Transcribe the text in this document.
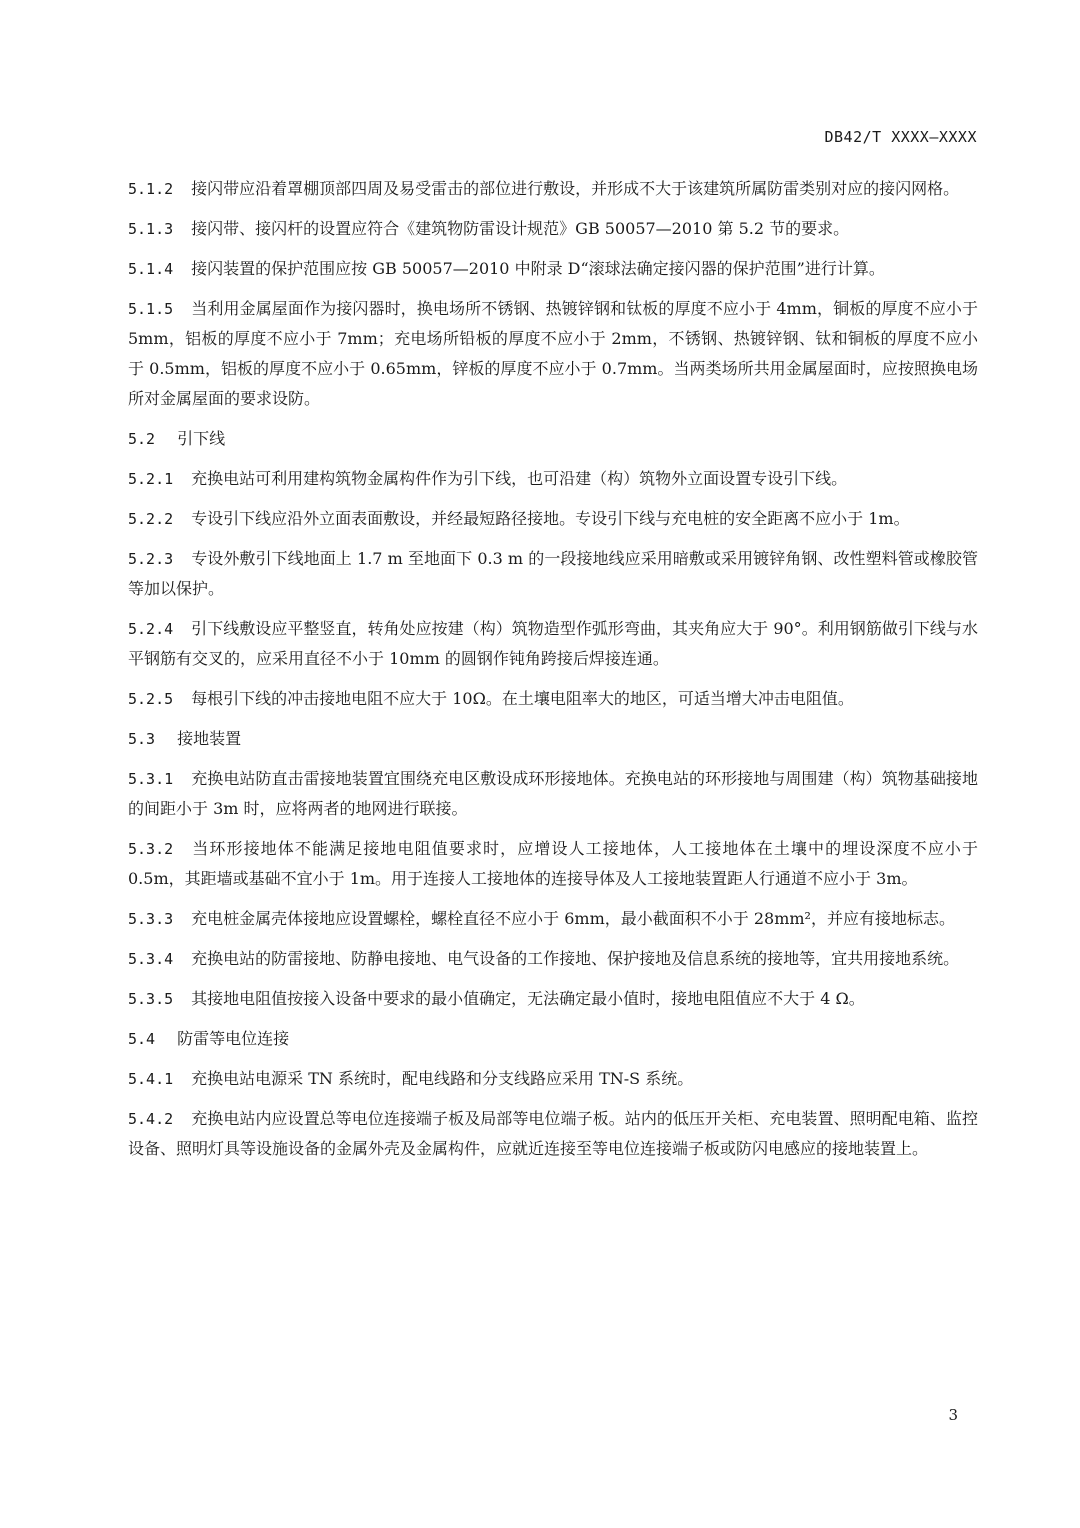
DB42/T XXXX—XXXX
5.1.2 接闪带应沿着罩棚顶部四周及易受雷击的部位进行敷设，并形成不大于该建筑所属防雷类别对应的接闪网格。
5.1.3 接闪带、接闪杆的设置应符合《建筑物防雷设计规范》GB 50057—2010 第 5.2 节的要求。
5.1.4 接闪装置的保护范围应按 GB 50057—2010 中附录 D“滚球法确定接闪器的保护范围”进行计算。
5.1.5 当利用金属屋面作为接闪器时，换电场所不锈钢、热镀锌钢和钛板的厚度不应小于 4mm，铜板的厚度不应小于 5mm，铝板的厚度不应小于 7mm；充电场所铅板的厚度不应小于 2mm，不锈钢、热镀锌钢、钛和铜板的厚度不应小于 0.5mm，铝板的厚度不应小于 0.65mm，锌板的厚度不应小于 0.7mm。当两类场所共用金属屋面时，应按照换电场所对金属屋面的要求设防。
5.2 引下线
5.2.1 充换电站可利用建构筑物金属构件作为引下线，也可沿建（构）筑物外立面设置专设引下线。
5.2.2 专设引下线应沿外立面表面敷设，并经最短路径接地。专设引下线与充电桩的安全距离不应小于 1m。
5.2.3 专设外敷引下线地面上 1.7 m 至地面下 0.3 m 的一段接地线应采用暗敷或采用镀锌角钢、改性塑料管或橡胶管等加以保护。
5.2.4 引下线敷设应平整竖直，转角处应按建（构）筑物造型作弧形弯曲，其夹角应大于 90°。利用钢筋做引下线与水平钢筋有交叉的，应采用直径不小于 10mm 的圆钢作钝角跨接后焊接连通。
5.2.5 每根引下线的冲击接地电阻不应大于 10Ω。在土壤电阻率大的地区，可适当增大冲击电阻值。
5.3 接地装置
5.3.1 充换电站防直击雷接地装置宜围绕充电区敷设成环形接地体。充换电站的环形接地与周围建（构）筑物基础接地的间距小于 3m 时，应将两者的地网进行联接。
5.3.2 当环形接地体不能满足接地电阻值要求时，应增设人工接地体，人工接地体在土壤中的埋设深度不应小于 0.5m，其距墙或基础不宜小于 1m。用于连接人工接地体的连接导体及人工接地装置距人行通道不应小于 3m。
5.3.3 充电桩金属壳体接地应设置螺栓，螺栓直径不应小于 6mm，最小截面积不小于 28mm²，并应有接地标志。
5.3.4 充换电站的防雷接地、防静电接地、电气设备的工作接地、保护接地及信息系统的接地等，宜共用接地系统。
5.3.5 其接地电阻值按接入设备中要求的最小值确定，无法确定最小值时，接地电阻值应不大于 4 Ω。
5.4 防雷等电位连接
5.4.1 充换电站电源采 TN 系统时，配电线路和分支线路应采用 TN-S 系统。
5.4.2 充换电站内应设置总等电位连接端子板及局部等电位端子板。站内的低压开关柜、充电装置、照明配电箱、监控设备、照明灯具等设施设备的金属外壳及金属构件，应就近连接至等电位连接端子板或防闪电感应的接地装置上。
3
